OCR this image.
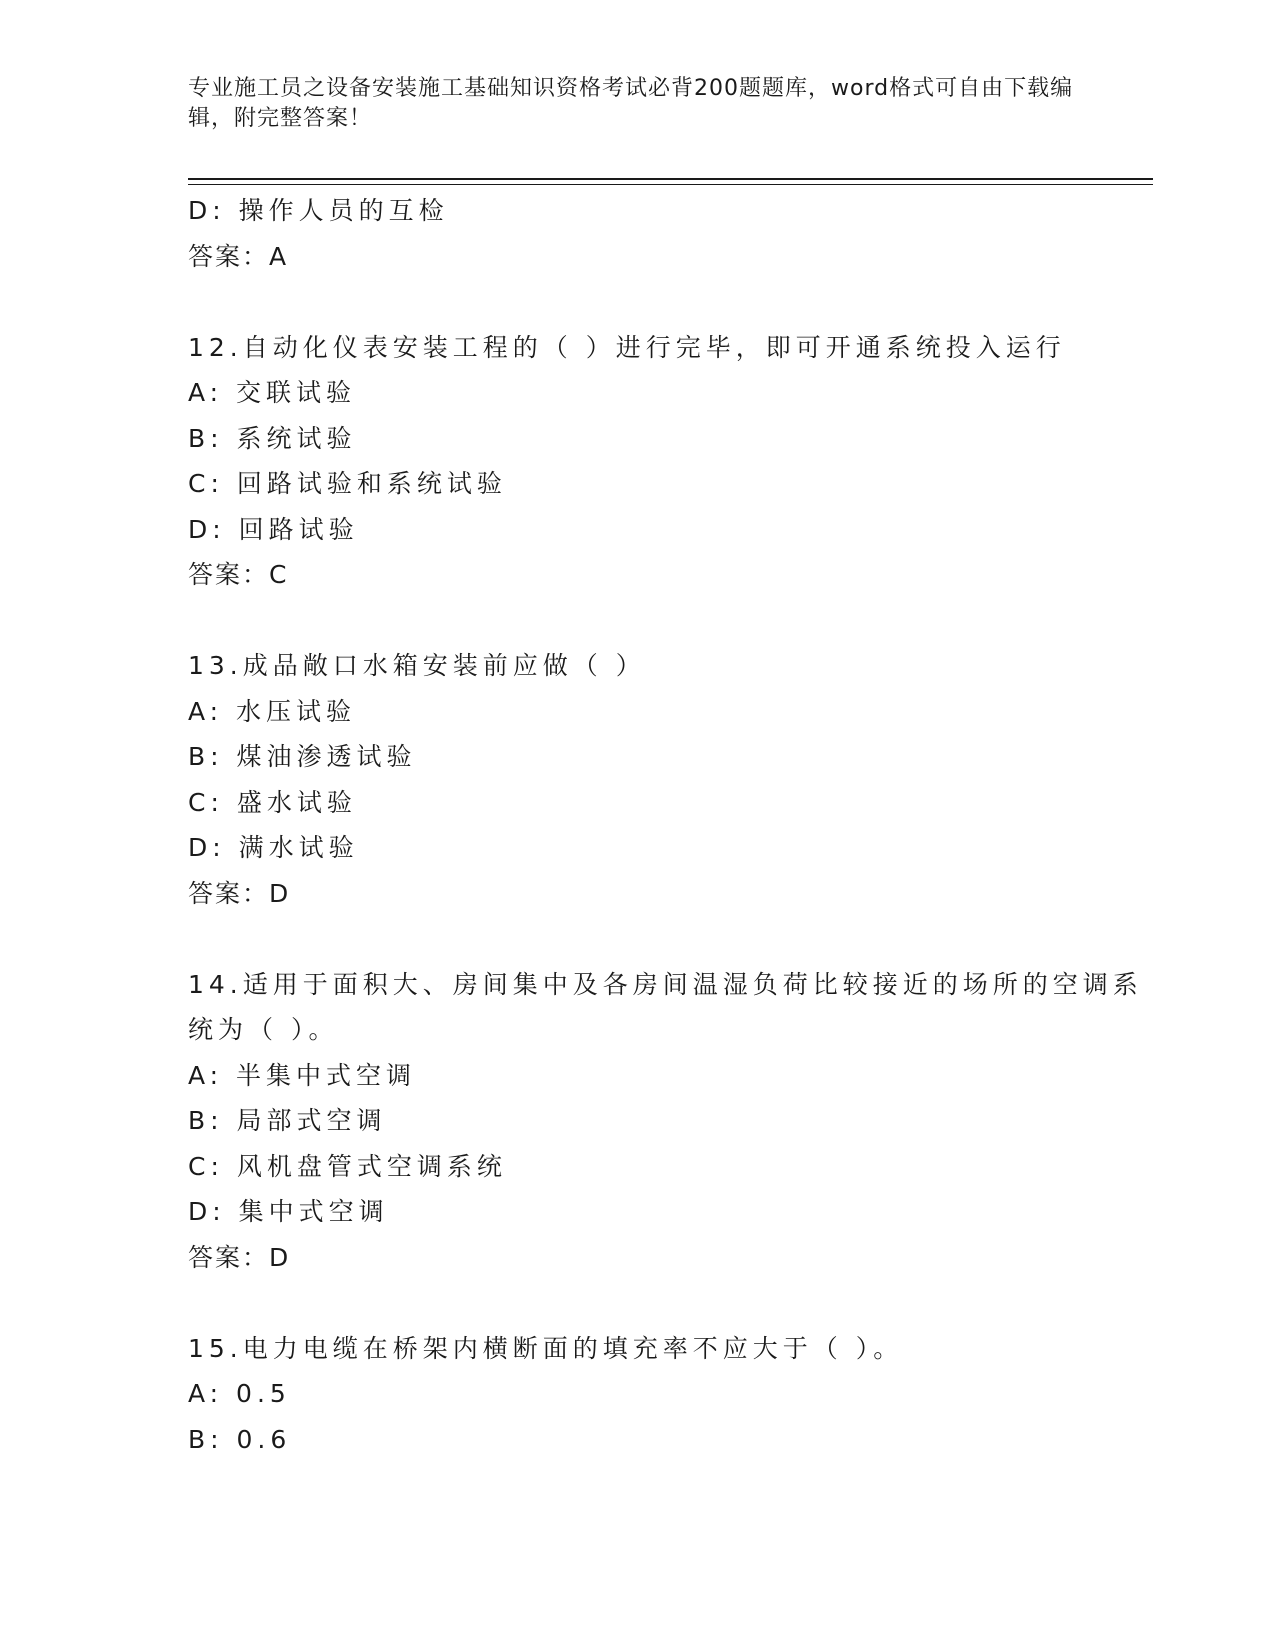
专业施工员之设备安装施工基础知识资格考试必背200题题库，word格式可自由下载编辑，附完整答案！
D: 操作人员的互检
答案：A
12.自动化仪表安装工程的（ ）进行完毕，即可开通系统投入运行
A: 交联试验
B: 系统试验
C: 回路试验和系统试验
D: 回路试验
答案：C
13.成品敞口水箱安装前应做（ ）
A: 水压试验
B: 煤油渗透试验
C: 盛水试验
D: 满水试验
答案：D
14.适用于面积大、房间集中及各房间温湿负荷比较接近的场所的空调系统为（ ）。
A: 半集中式空调
B: 局部式空调
C: 风机盘管式空调系统
D: 集中式空调
答案：D
15.电力电缆在桥架内横断面的填充率不应大于（ ）。
A: 0.5
B: 0.6
